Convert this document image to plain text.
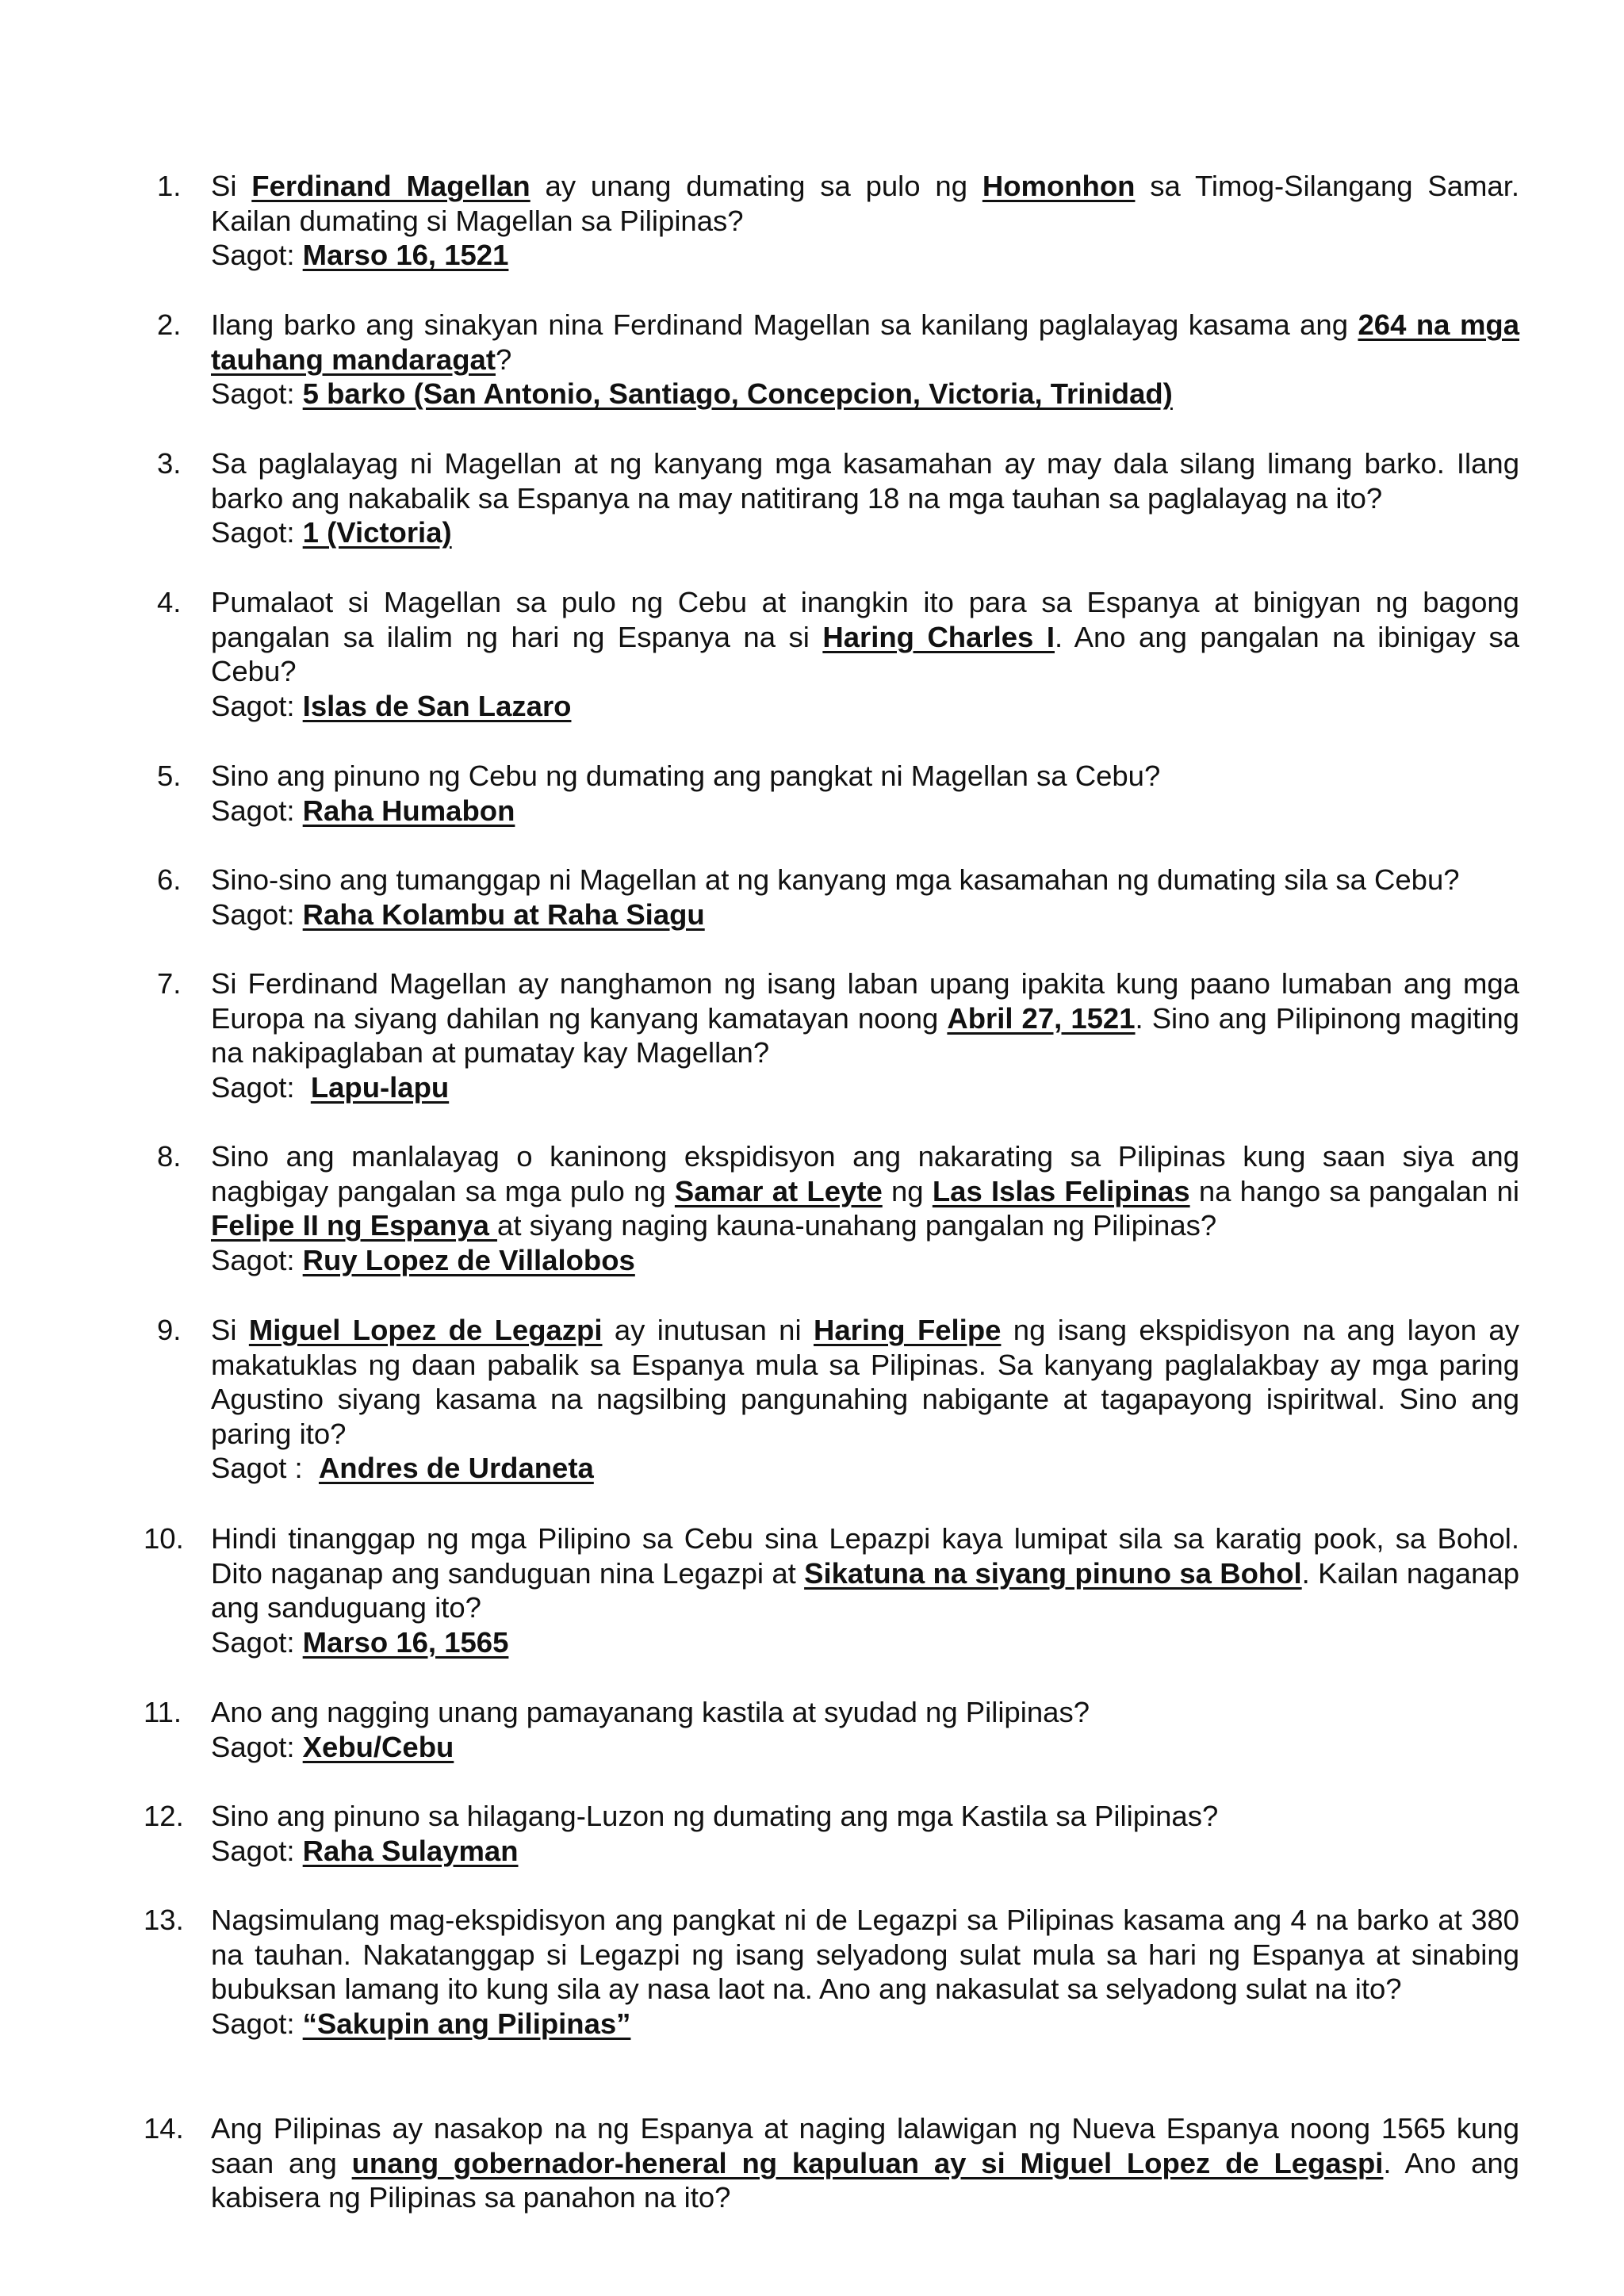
1.	Si Ferdinand Magellan ay unang dumating sa pulo ng Homonhon sa Timog-Silangang Samar. Kailan dumating si Magellan sa Pilipinas?
Sagot: Marso 16, 1521
2.	Ilang barko ang sinakyan nina Ferdinand Magellan sa kanilang paglalayag kasama ang 264 na mga tauhang mandaragat?
Sagot: 5 barko (San Antonio, Santiago, Concepcion, Victoria, Trinidad)
3.	Sa paglalayag ni Magellan at ng kanyang mga kasamahan ay may dala silang limang barko. Ilang barko ang nakabalik sa Espanya na may natitirang 18 na mga tauhan sa paglalayag na ito?
Sagot: 1 (Victoria)
4.	Pumalaot si Magellan sa pulo ng Cebu at inangkin ito para sa Espanya at binigyan ng bagong pangalan sa ilalim ng hari ng Espanya na si Haring Charles I. Ano ang pangalan na ibinigay sa Cebu?
Sagot: Islas de San Lazaro
5.	Sino ang pinuno ng Cebu ng dumating ang pangkat ni Magellan sa Cebu?
Sagot: Raha Humabon
6.	Sino-sino ang tumanggap ni Magellan at ng kanyang mga kasamahan ng dumating sila sa Cebu?
Sagot: Raha Kolambu at Raha Siagu
7.	Si Ferdinand Magellan ay nanghamon ng isang laban upang ipakita kung paano lumaban ang mga Europa na siyang dahilan ng kanyang kamatayan noong Abril 27, 1521. Sino ang Pilipinong magiting na nakipaglaban at pumatay kay Magellan?
Sagot:  Lapu-lapu
8.	Sino ang manlalayag o kaninong ekspidisyon ang nakarating sa Pilipinas kung saan siya ang nagbigay pangalan sa mga pulo ng Samar at Leyte ng Las Islas Felipinas na hango sa pangalan ni Felipe II ng Espanya at siyang naging kauna-unahang pangalan ng Pilipinas?
Sagot: Ruy Lopez de Villalobos
9.	Si Miguel Lopez de Legazpi ay inutusan ni Haring Felipe ng isang ekspidisyon na ang layon ay makatuklas ng daan pabalik sa Espanya mula sa Pilipinas. Sa kanyang paglalakbay ay mga paring Agustino siyang kasama na nagsilbing pangunahing nabigante at tagapayong ispiritwal. Sino ang paring ito?
Sagot :  Andres de Urdaneta
10. Hindi tinanggap ng mga Pilipino sa Cebu sina Lepazpi kaya lumipat sila sa karatig pook, sa Bohol. Dito naganap ang sanduguan nina Legazpi at Sikatuna na siyang pinuno sa Bohol. Kailan naganap ang sanduguang ito?
Sagot: Marso 16, 1565
11.	Ano ang nagging unang pamayanang kastila at syudad ng Pilipinas?
Sagot: Xebu/Cebu
12. Sino ang pinuno sa hilagang-Luzon ng dumating ang mga Kastila sa Pilipinas?
Sagot: Raha Sulayman
13. Nagsimulang mag-ekspidisyon ang pangkat ni de Legazpi sa Pilipinas kasama ang 4 na barko at 380 na tauhan. Nakatanggap si Legazpi ng isang selyadong sulat mula sa hari ng Espanya at sinabing bubuksan lamang ito kung sila ay nasa laot na. Ano ang nakasulat sa selyadong sulat na ito?
Sagot: “Sakupin ang Pilipinas”
14. Ang Pilipinas ay nasakop na ng Espanya at naging lalawigan ng Nueva Espanya noong 1565 kung saan ang unang gobernador-heneral ng kapuluan ay si Miguel Lopez de Legaspi. Ano ang kabisera ng Pilipinas sa panahon na ito?
